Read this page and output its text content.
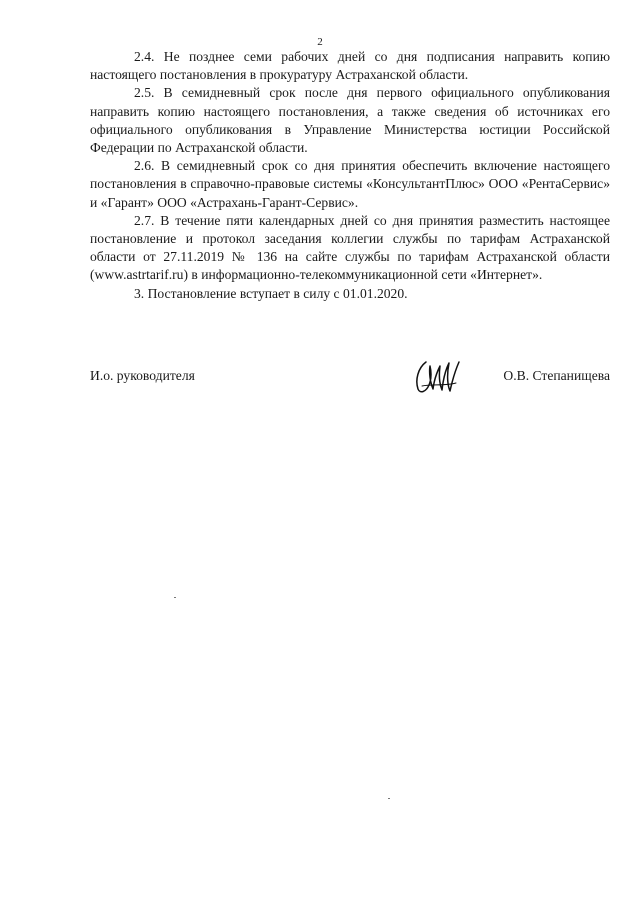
2

2.4. Не позднее семи рабочих дней со дня подписания направить копию настоящего постановления в прокуратуру Астраханской области.

2.5. В семидневный срок после дня первого официального опубликования направить копию настоящего постановления, а также сведения об источниках его официального опубликования в Управление Министерства юстиции Российской Федерации по Астраханской области.

2.6. В семидневный срок со дня принятия обеспечить включение настоящего постановления в справочно-правовые системы «КонсультантПлюс» ООО «РентаСервис» и «Гарант» ООО «Астрахань-Гарант-Сервис».

2.7. В течение пяти календарных дней со дня принятия разместить настоящее постановление и протокол заседания коллегии службы по тарифам Астраханской области от 27.11.2019 № 136 на сайте службы по тарифам Астраханской области (www.astrtarif.ru) в информационно-телекоммуникационной сети «Интернет».

3. Постановление вступает в силу с 01.01.2020.

И.о. руководителя	О.В. Степанищева
